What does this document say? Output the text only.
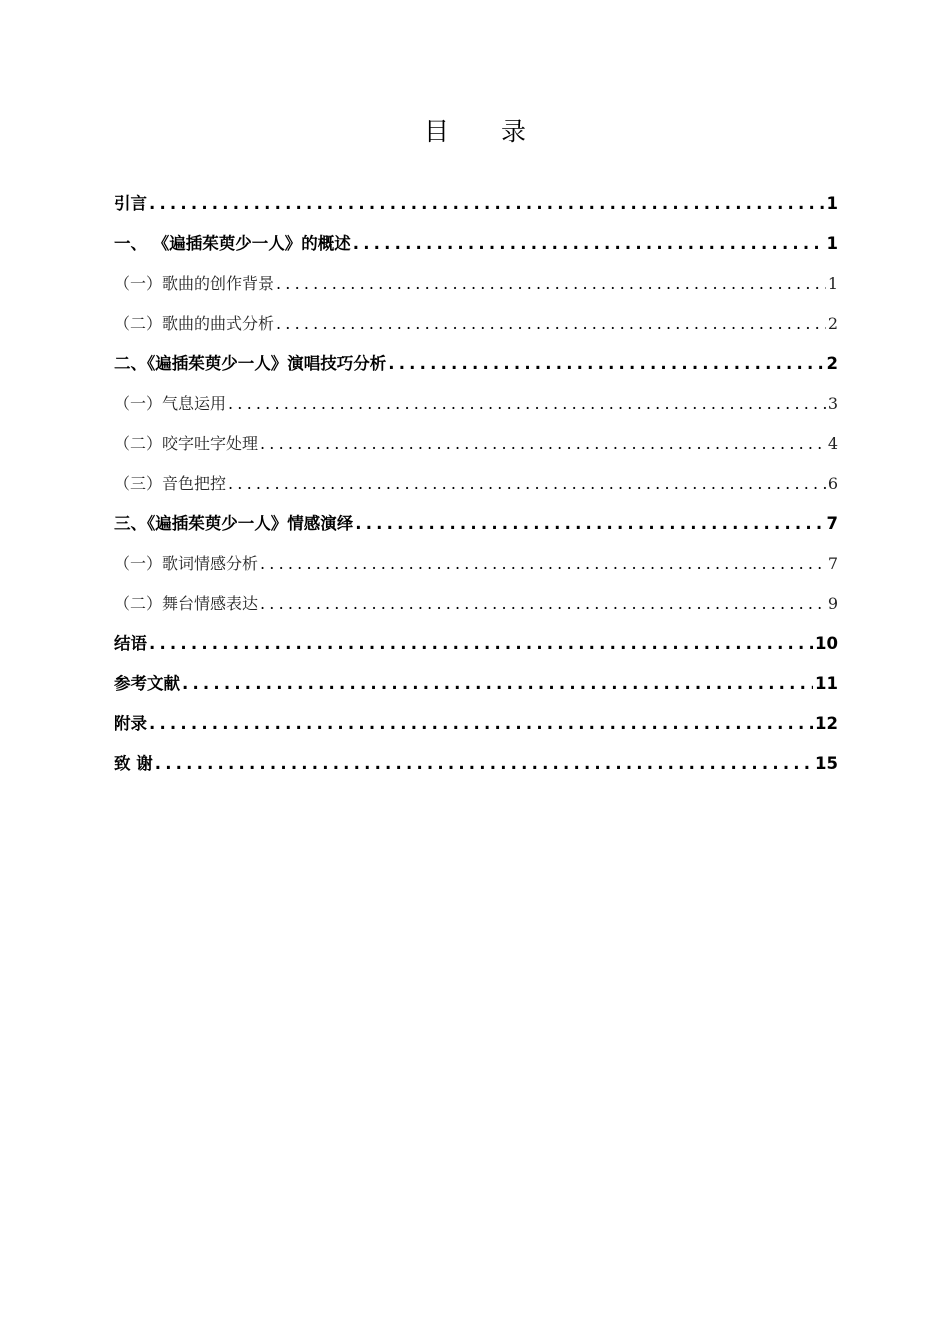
目 录
引言 .....	1
一、 《遍插茱萸少一人》的概述 .....	1
（一）歌曲的创作背景 .....	1
（二）歌曲的曲式分析 .....	2
二、《遍插茱萸少一人》演唱技巧分析 .....	2
（一）气息运用 .....	3
（二）咬字吐字处理 .....	4
（三）音色把控 .....	6
三、《遍插茱萸少一人》情感演绎 .....	7
（一）歌词情感分析 .....	7
（二）舞台情感表达 .....	9
结语 .....	10
参考文献 .....	11
附录 .....	12
致 谢 .....	15
